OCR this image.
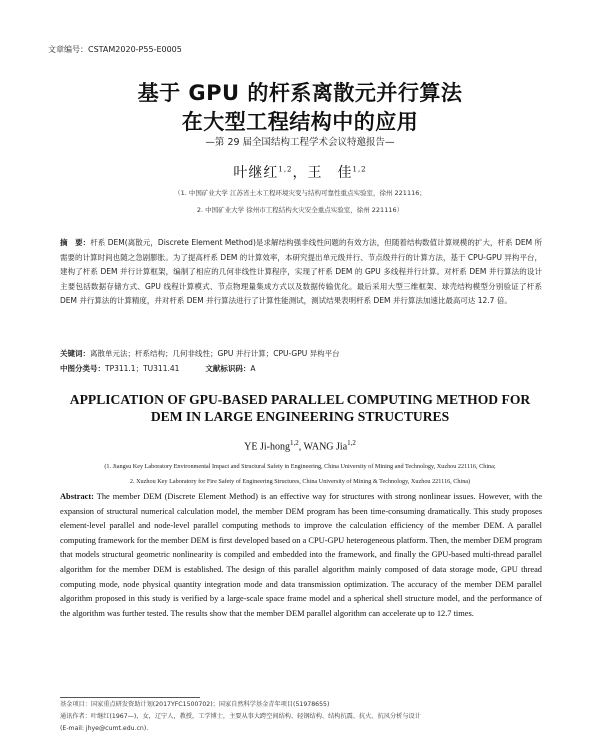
文章编号：CSTAM2020-P55-E0005
基于 GPU 的杆系离散元并行算法
在大型工程结构中的应用
—第 29 届全国结构工程学术会议特邀报告—
叶继红$^{1,2}$，王　佳$^{1,2}$
（1. 中国矿业大学 江苏省土木工程环境灾变与结构可靠性重点实验室，徐州 221116；
2. 中国矿业大学 徐州市工程结构火灾安全重点实验室，徐州 221116）
摘　要：杆系 DEM(离散元，Discrete Element Method)是求解结构强非线性问题的有效方法，但随着结构数值计算规模的扩大，杆系 DEM 所需要的计算时间也随之急剧膨胀。为了提高杆系 DEM 的计算效率，本研究提出单元级并行、节点级并行的计算方法，基于 CPU-GPU 异构平台，建构了杆系 DEM 并行计算框架，编制了相应的几何非线性计算程序，实现了杆系 DEM 的 GPU 多线程并行计算。对杆系 DEM 并行算法的设计主要包括数据存储方式、GPU 线程计算模式、节点物理量集成方式以及数据传输优化。最后采用大型三维框架、球壳结构模型分别验证了杆系 DEM 并行算法的计算精度，并对杆系 DEM 并行算法进行了计算性能测试，测试结果表明杆系 DEM 并行算法加速比最高可达 12.7 倍。
关键词：离散单元法；杆系结构；几何非线性；GPU 并行计算；CPU-GPU 异构平台
中图分类号：TP311.1；TU311.41	文献标识码：A
APPLICATION OF GPU-BASED PARALLEL COMPUTING METHOD FOR
DEM IN LARGE ENGINEERING STRUCTURES
YE Ji-hong$^{1,2}$, WANG Jia$^{1,2}$
(1. Jiangsu Key Laboratory Environmental Impact and Structural Safety in Engineering, China University of Mining and Technology, Xuzhou 221116, China;
2. Xuzhou Key Laboratory for Fire Safety of Engineering Structures, China University of Mining & Technology, Xuzhou 221116, China)
Abstract: The member DEM (Discrete Element Method) is an effective way for structures with strong nonlinear issues. However, with the expansion of structural numerical calculation model, the member DEM program has been time-consuming dramatically. This study proposes element-level parallel and node-level parallel computing methods to improve the calculation efficiency of the member DEM. A parallel computing framework for the member DEM is first developed based on a CPU-GPU heterogeneous platform. Then, the member DEM program that models structural geometric nonlinearity is compiled and embedded into the framework, and finally the GPU-based multi-thread parallel algorithm for the member DEM is established. The design of this parallel algorithm mainly composed of data storage mode, GPU thread computing mode, node physical quantity integration mode and data transmission optimization. The accuracy of the member DEM parallel algorithm proposed in this study is verified by a large-scale space frame model and a spherical shell structure model, and the performance of the algorithm was further tested. The results show that the member DEM parallel algorithm can accelerate up to 12.7 times.
基金项目：国家重点研发资助计划(2017YFC1500702)；国家自然科学基金青年项目(51978655)
通讯作者：叶继红(1967—)，女，辽宁人，教授，工学博士，主要从事大跨空间结构、轻钢结构、结构抗震、抗火、抗风分析与设计
(E-mail: jhye@cumt.edu.cn).
